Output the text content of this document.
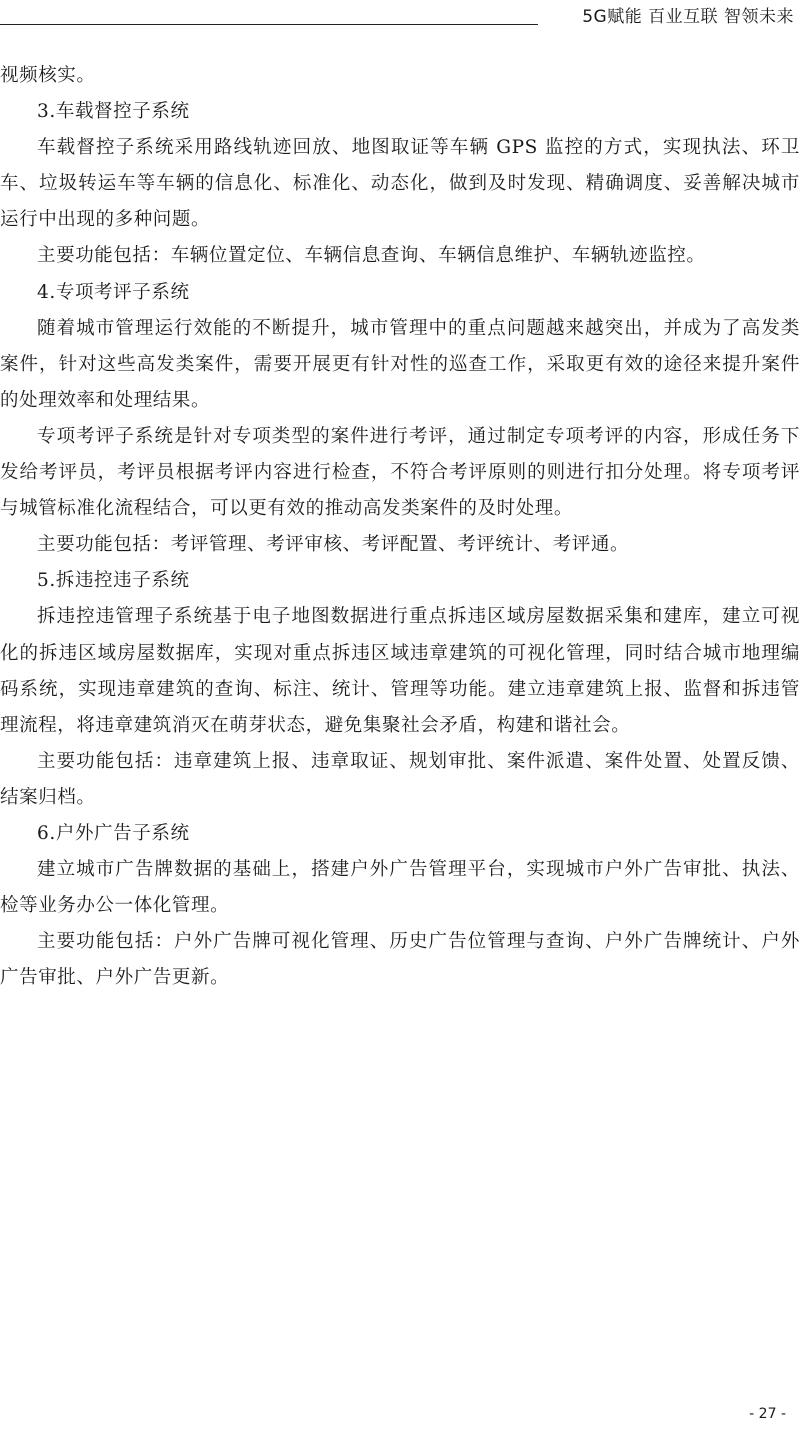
5G赋能 百业互联 智领未来

视频核实。

3.车载督控子系统

车载督控子系统采用路线轨迹回放、地图取证等车辆 GPS 监控的方式，实现执法、环卫车、垃圾转运车等车辆的信息化、标准化、动态化，做到及时发现、精确调度、妥善解决城市运行中出现的多种问题。

主要功能包括：车辆位置定位、车辆信息查询、车辆信息维护、车辆轨迹监控。

4.专项考评子系统

随着城市管理运行效能的不断提升，城市管理中的重点问题越来越突出，并成为了高发类案件，针对这些高发类案件，需要开展更有针对性的巡查工作，采取更有效的途径来提升案件的处理效率和处理结果。

专项考评子系统是针对专项类型的案件进行考评，通过制定专项考评的内容，形成任务下发给考评员，考评员根据考评内容进行检查，不符合考评原则的则进行扣分处理。将专项考评与城管标准化流程结合，可以更有效的推动高发类案件的及时处理。

主要功能包括：考评管理、考评审核、考评配置、考评统计、考评通。

5.拆违控违子系统

拆违控违管理子系统基于电子地图数据进行重点拆违区域房屋数据采集和建库，建立可视化的拆违区域房屋数据库，实现对重点拆违区域违章建筑的可视化管理，同时结合城市地理编码系统，实现违章建筑的查询、标注、统计、管理等功能。建立违章建筑上报、监督和拆违管理流程，将违章建筑消灭在萌芽状态，避免集聚社会矛盾，构建和谐社会。

主要功能包括：违章建筑上报、违章取证、规划审批、案件派遣、案件处置、处置反馈、结案归档。

6.户外广告子系统

建立城市广告牌数据的基础上，搭建户外广告管理平台，实现城市户外广告审批、执法、检等业务办公一体化管理。

主要功能包括：户外广告牌可视化管理、历史广告位管理与查询、户外广告牌统计、户外广告审批、户外广告更新。

- 27 -
